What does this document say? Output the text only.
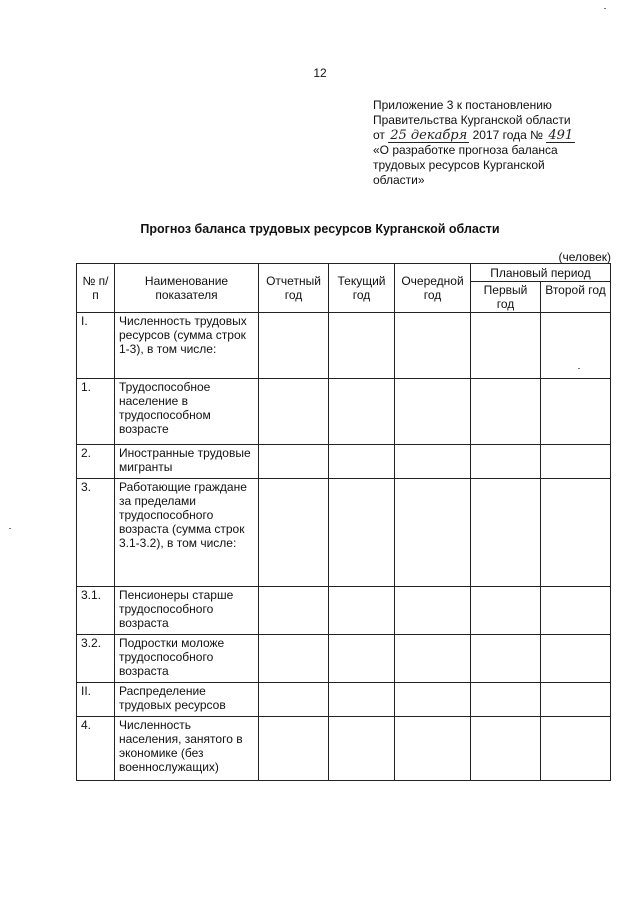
12
Приложение 3 к постановлению
Правительства Курганской области
от 25 декабря 2017 года № 491
«О разработке прогноза баланса
трудовых ресурсов Курганской
области»
Прогноз баланса трудовых ресурсов Курганской области
(человек)
№ п/п	Наименование показателя	Отчетный год	Текущий год	Очередной год	Плановый период	
					Первый год	Второй год
I.	Численность трудовых ресурсов (сумма строк 1-3), в том числе:					
1.	Трудоспособное население в трудоспособном возрасте					
2.	Иностранные трудовые мигранты					
3.	Работающие граждане за пределами трудоспособного возраста (сумма строк 3.1-3.2), в том числе:					
3.1.	Пенсионеры старше трудоспособного возраста					
3.2.	Подростки моложе трудоспособного возраста					
II.	Распределение трудовых ресурсов					
4.	Численность населения, занятого в экономике (без военнослужащих)					
